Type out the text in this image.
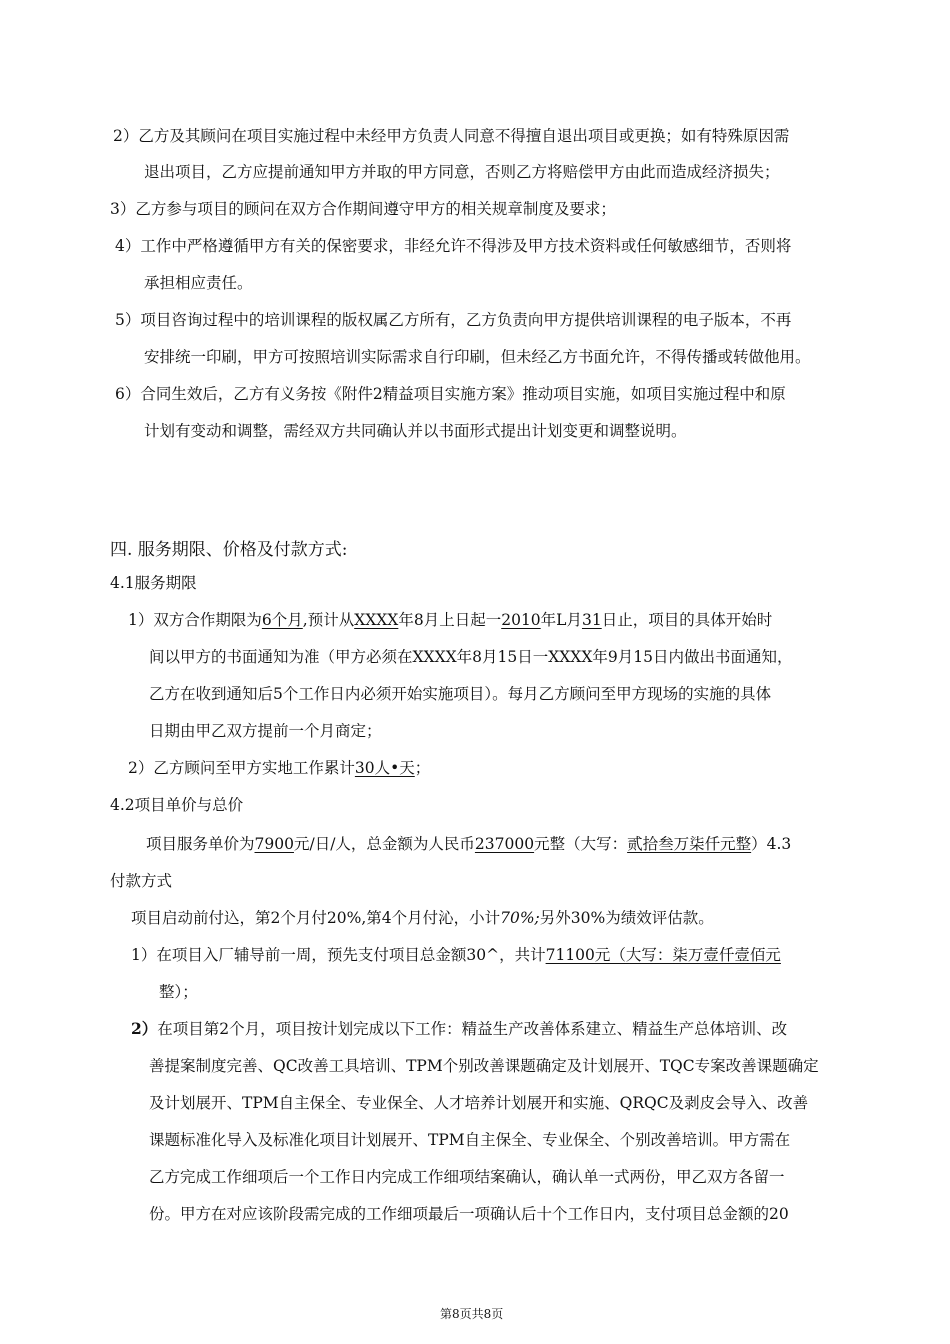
2）乙方及其顾问在项目实施过程中未经甲方负责人同意不得擅自退出项目或更换；如有特殊原因需
退出项目，乙方应提前通知甲方并取的甲方同意，否则乙方将赔偿甲方由此而造成经济损失；
3）乙方参与项目的顾问在双方合作期间遵守甲方的相关规章制度及要求；
4）工作中严格遵循甲方有关的保密要求，非经允许不得涉及甲方技术资料或任何敏感细节，否则将
承担相应责任。
5）项目咨询过程中的培训课程的版权属乙方所有，乙方负责向甲方提供培训课程的电子版本，不再
安排统一印刷，甲方可按照培训实际需求自行印刷，但未经乙方书面允许，不得传播或转做他用。
6）合同生效后，乙方有义务按《附件2精益项目实施方案》推动项目实施，如项目实施过程中和原
计划有变动和调整，需经双方共同确认并以书面形式提出计划变更和调整说明。
四. 服务期限、价格及付款方式:
4.1服务期限
1）双方合作期限为6个月,预计从XXXX年8月上日起一2010年L月31日止，项目的具体开始时
间以甲方的书面通知为准（甲方必须在XXXX年8月15日一XXXX年9月15日内做出书面通知，
乙方在收到通知后5个工作日内必须开始实施项目）。每月乙方顾问至甲方现场的实施的具体
日期由甲乙双方提前一个月商定；
2）乙方顾问至甲方实地工作累计30人•天；
4.2项目单价与总价
项目服务单价为7900元/日/人，总金额为人民币237000元整（大写：贰拾叁万柒仟元整）4.3
付款方式
项目启动前付込，第2个月付20%,第4个月付沁，小计70%;另外30%为绩效评估款。
1）在项目入厂辅导前一周，预先支付项目总金额30^，共计71100元（大写：柒万壹仟壹佰元
整）；
2）在项目第2个月，项目按计划完成以下工作：精益生产改善体系建立、精益生产总体培训、改
善提案制度完善、QC改善工具培训、TPM个别改善课题确定及计划展开、TQC专案改善课题确定
及计划展开、TPM自主保全、专业保全、人才培养计划展开和实施、QRQC及剥皮会导入、改善
课题标准化导入及标准化项目计划展开、TPM自主保全、专业保全、个别改善培训。甲方需在
乙方完成工作细项后一个工作日内完成工作细项结案确认，确认单一式两份，甲乙双方各留一
份。甲方在对应该阶段需完成的工作细项最后一项确认后十个工作日内，支付项目总金额的20
第8页共8页
